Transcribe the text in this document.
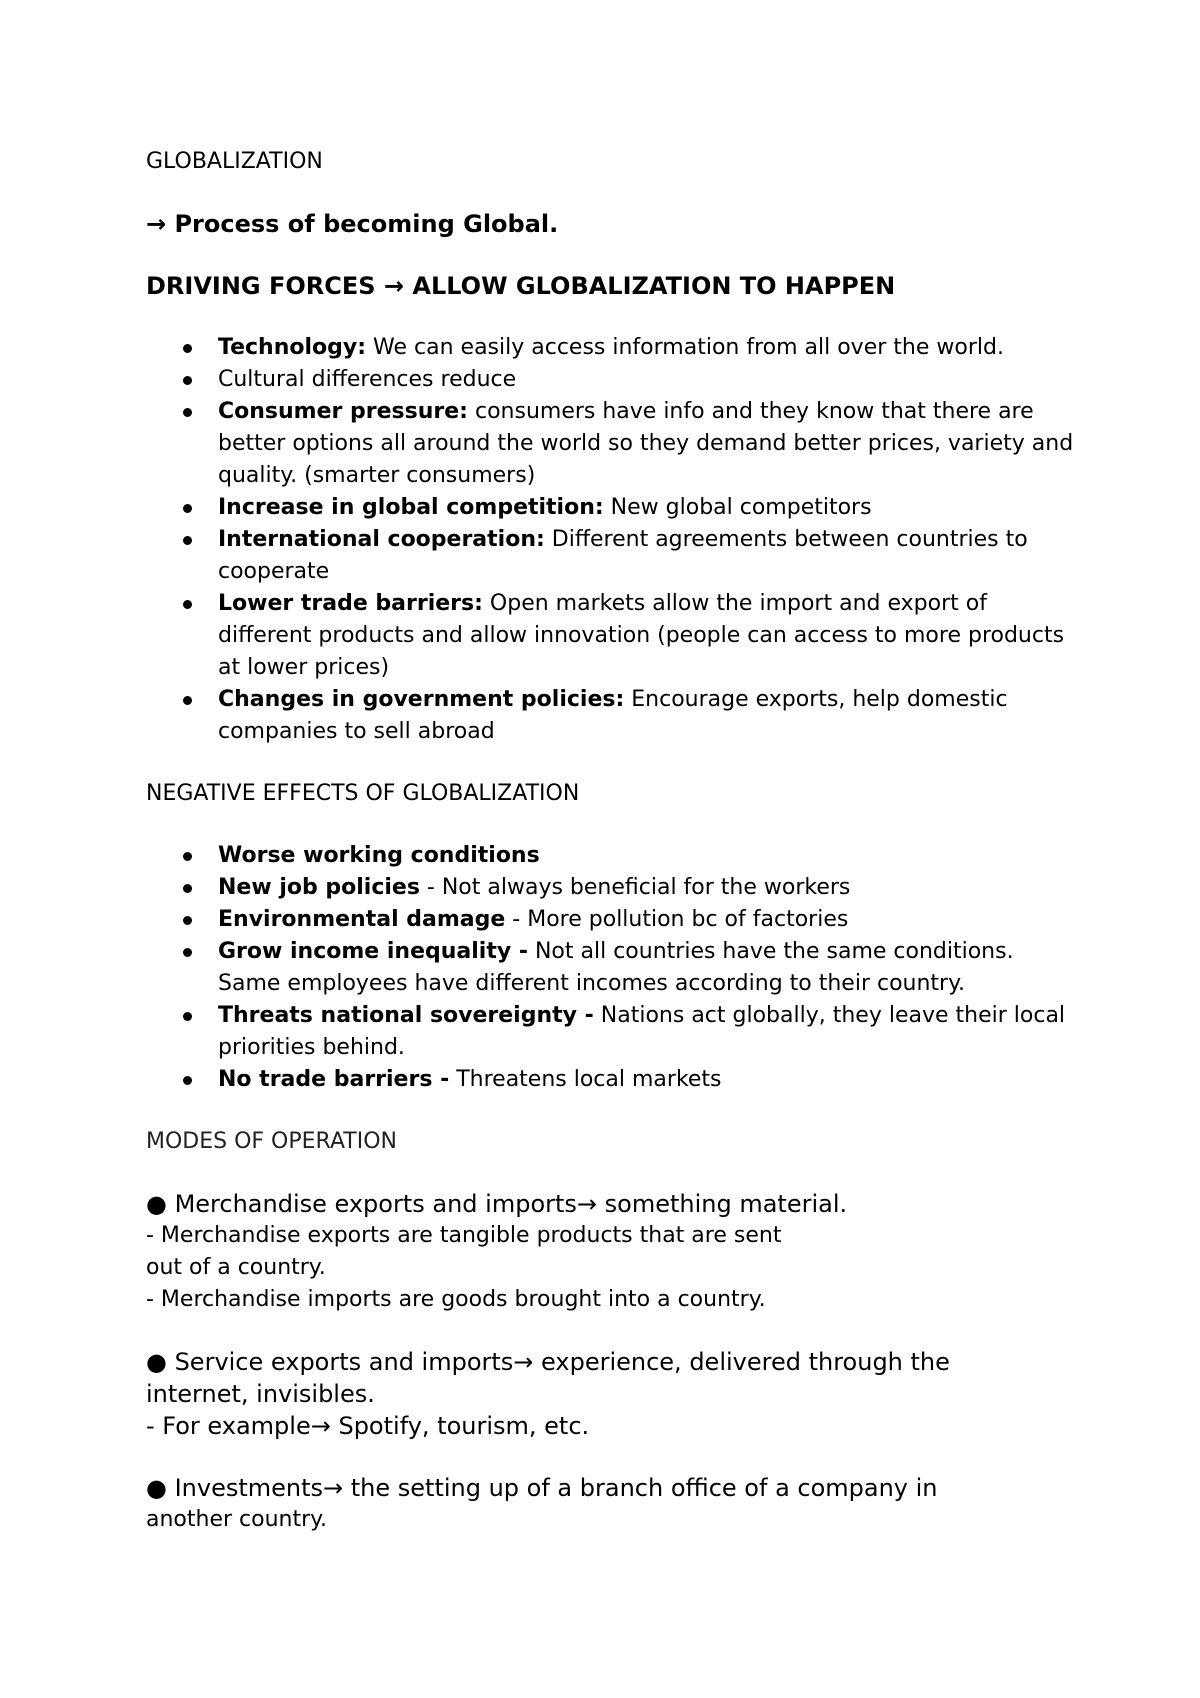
GLOBALIZATION

→ Process of becoming Global.

DRIVING FORCES → ALLOW GLOBALIZATION TO HAPPEN

Technology: We can easily access information from all over the world.
Cultural differences reduce
Consumer pressure: consumers have info and they know that there are better options all around the world so they demand better prices, variety and quality. (smarter consumers)
Increase in global competition: New global competitors
International cooperation: Different agreements between countries to cooperate
Lower trade barriers: Open markets allow the import and export of different products and allow innovation (people can access to more products at lower prices)
Changes in government policies: Encourage exports, help domestic companies to sell abroad

NEGATIVE EFFECTS OF GLOBALIZATION

Worse working conditions
New job policies - Not always beneficial for the workers
Environmental damage - More pollution bc of factories
Grow income inequality - Not all countries have the same conditions. Same employees have different incomes according to their country.
Threats national sovereignty - Nations act globally, they leave their local priorities behind.
No trade barriers - Threatens local markets

MODES OF OPERATION

● Merchandise exports and imports→ something material.

- Merchandise exports are tangible products that are sent

out of a country.

- Merchandise imports are goods brought into a country.

● Service exports and imports→ experience, delivered through the

internet, invisibles.

- For example→ Spotify, tourism, etc.

● Investments→ the setting up of a branch office of a company in

another country.
